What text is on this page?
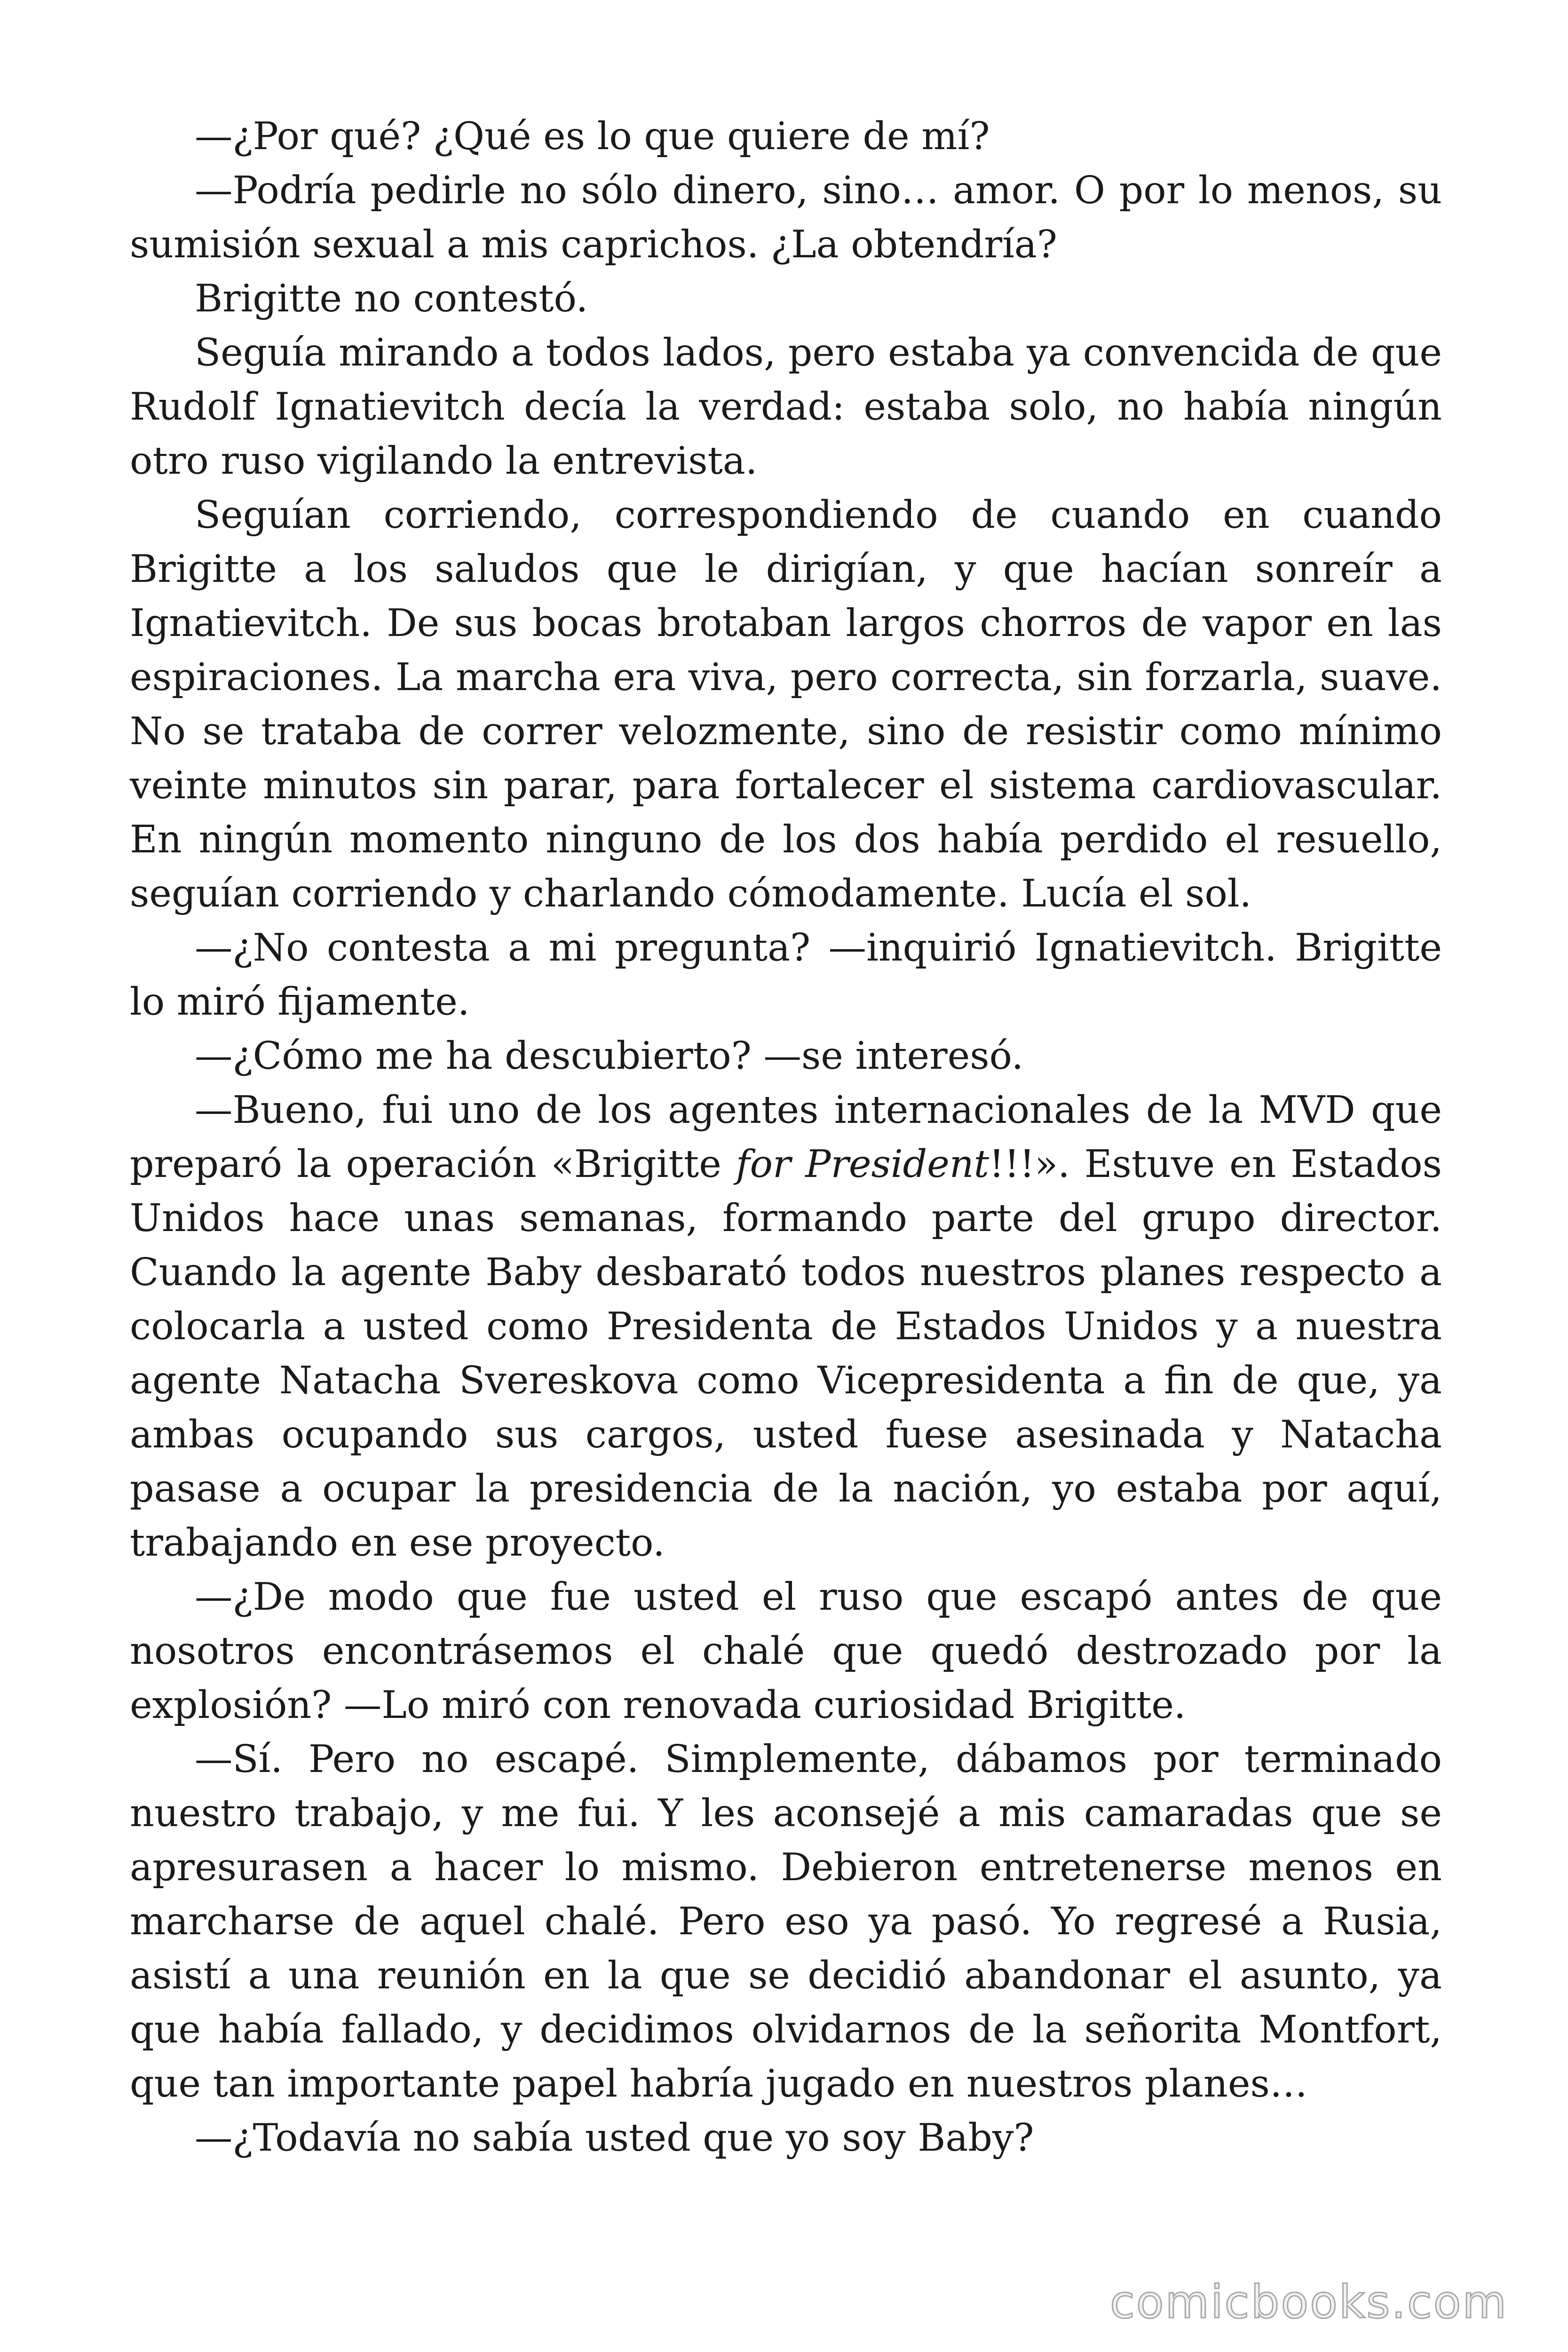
—¿Por qué? ¿Qué es lo que quiere de mí?

—Podría pedirle no sólo dinero, sino… amor. O por lo menos, su sumisión sexual a mis caprichos. ¿La obtendría?

Brigitte no contestó.

Seguía mirando a todos lados, pero estaba ya convencida de que Rudolf Ignatievitch decía la verdad: estaba solo, no había ningún otro ruso vigilando la entrevista.

Seguían corriendo, correspondiendo de cuando en cuando Brigitte a los saludos que le dirigían, y que hacían sonreír a Ignatievitch. De sus bocas brotaban largos chorros de vapor en las espiraciones. La marcha era viva, pero correcta, sin forzarla, suave. No se trataba de correr velozmente, sino de resistir como mínimo veinte minutos sin parar, para fortalecer el sistema cardiovascular. En ningún momento ninguno de los dos había perdido el resuello, seguían corriendo y charlando cómodamente. Lucía el sol.

—¿No contesta a mi pregunta? —inquirió Ignatievitch. Brigitte lo miró fijamente.

—¿Cómo me ha descubierto? —se interesó.

—Bueno, fui uno de los agentes internacionales de la MVD que preparó la operación «Brigitte for President!!!». Estuve en Estados Unidos hace unas semanas, formando parte del grupo director. Cuando la agente Baby desbarató todos nuestros planes respecto a colocarla a usted como Presidenta de Estados Unidos y a nuestra agente Natacha Svereskova como Vicepresidenta a fin de que, ya ambas ocupando sus cargos, usted fuese asesinada y Natacha pasase a ocupar la presidencia de la nación, yo estaba por aquí, trabajando en ese proyecto.

—¿De modo que fue usted el ruso que escapó antes de que nosotros encontrásemos el chalé que quedó destrozado por la explosión? —Lo miró con renovada curiosidad Brigitte.

—Sí. Pero no escapé. Simplemente, dábamos por terminado nuestro trabajo, y me fui. Y les aconsejé a mis camaradas que se apresurasen a hacer lo mismo. Debieron entretenerse menos en marcharse de aquel chalé. Pero eso ya pasó. Yo regresé a Rusia, asistí a una reunión en la que se decidió abandonar el asunto, ya que había fallado, y decidimos olvidarnos de la señorita Montfort, que tan importante papel habría jugado en nuestros planes…

—¿Todavía no sabía usted que yo soy Baby?

comicbooks.com
